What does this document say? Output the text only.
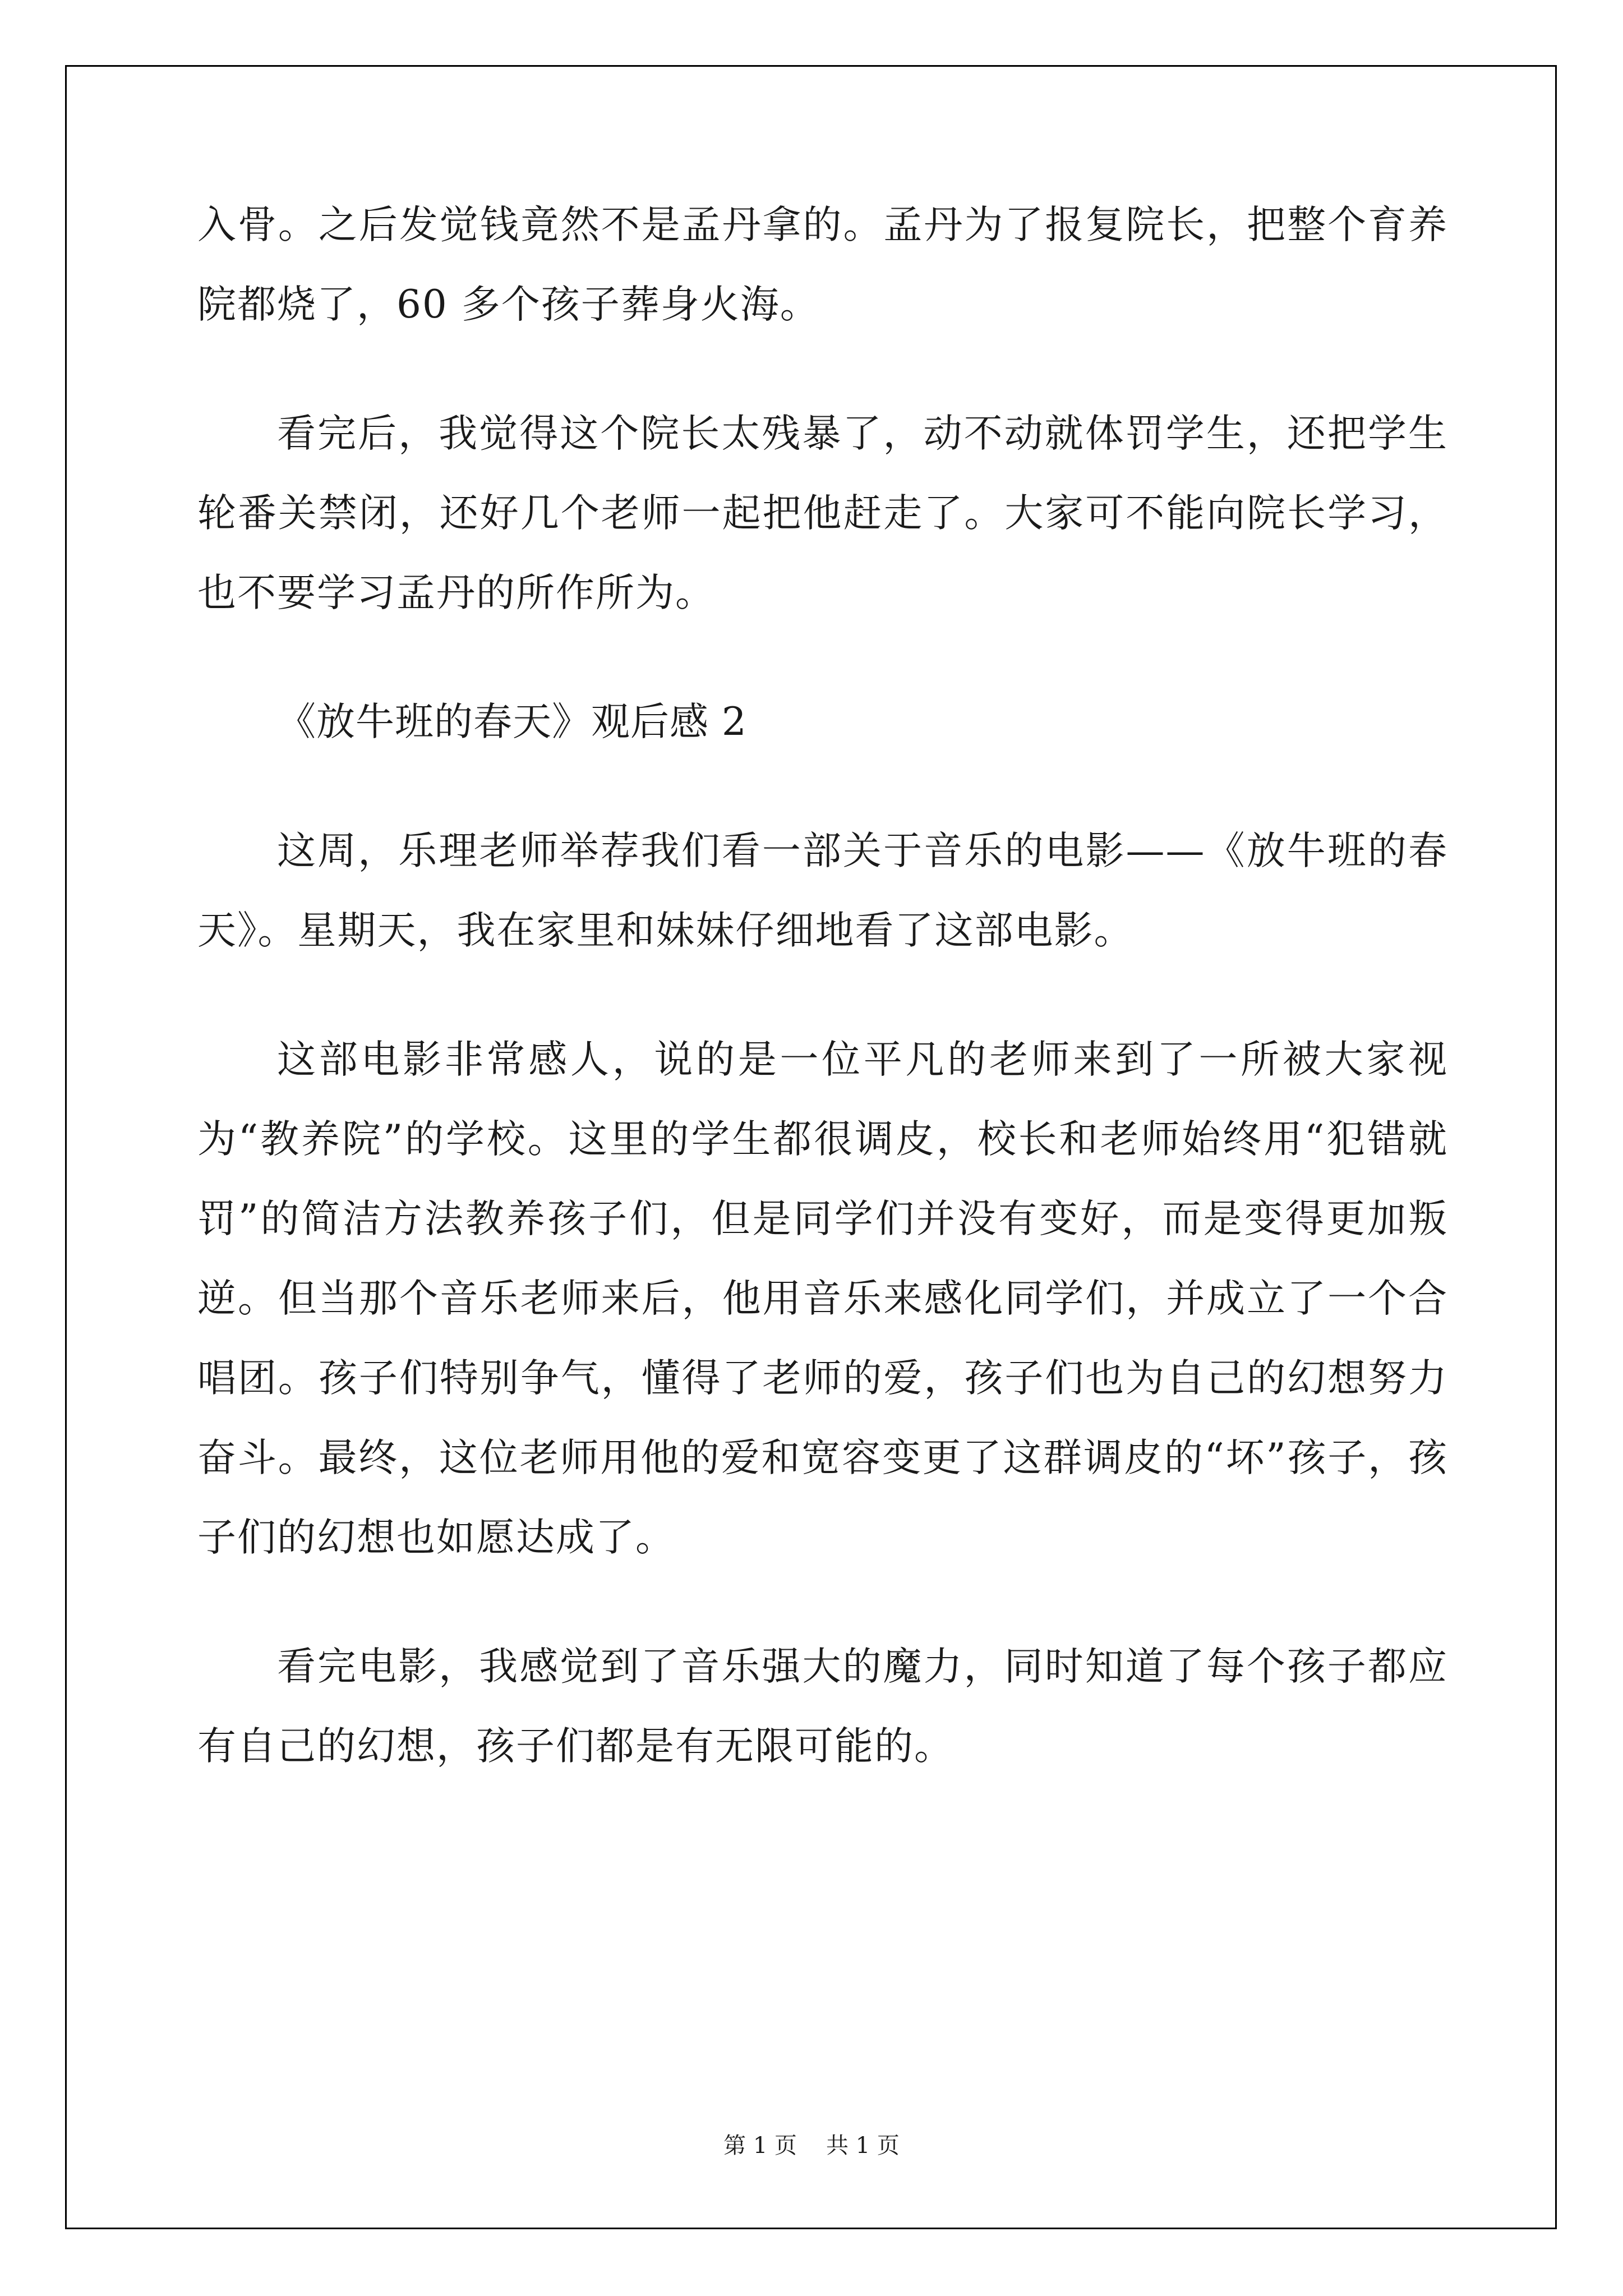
入骨。之后发觉钱竟然不是孟丹拿的。孟丹为了报复院长，把整个育养院都烧了，60 多个孩子葬身火海。

看完后，我觉得这个院长太残暴了，动不动就体罚学生，还把学生轮番关禁闭，还好几个老师一起把他赶走了。大家可不能向院长学习，也不要学习孟丹的所作所为。

《放牛班的春天》观后感 2

这周，乐理老师举荐我们看一部关于音乐的电影——《放牛班的春天》。星期天，我在家里和妹妹仔细地看了这部电影。

这部电影非常感人，说的是一位平凡的老师来到了一所被大家视为“教养院”的学校。这里的学生都很调皮，校长和老师始终用“犯错就罚”的简洁方法教养孩子们，但是同学们并没有变好，而是变得更加叛逆。但当那个音乐老师来后，他用音乐来感化同学们，并成立了一个合唱团。孩子们特别争气，懂得了老师的爱，孩子们也为自己的幻想努力奋斗。最终，这位老师用他的爱和宽容变更了这群调皮的“坏”孩子，孩子们的幻想也如愿达成了。

看完电影，我感觉到了音乐强大的魔力，同时知道了每个孩子都应有自己的幻想，孩子们都是有无限可能的。

第 1 页 共 1 页
